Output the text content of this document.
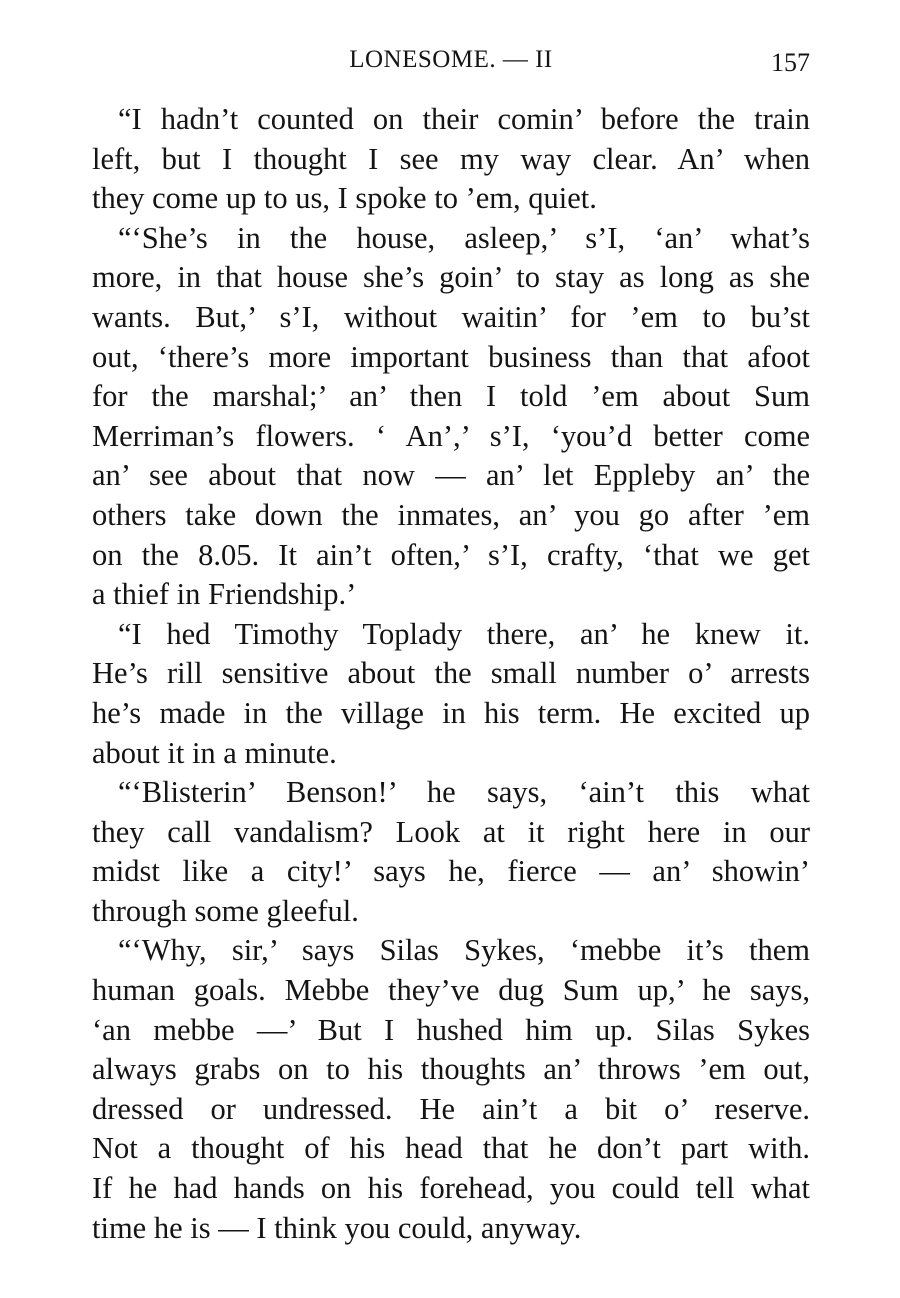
LONESOME. — II	157

“I hadn’t counted on their comin’ before the train
left, but I thought I see my way clear. An’ when
they come up to us, I spoke to ’em, quiet.

“‘She’s in the house, asleep,’ s’I, ‘an’ what’s
more, in that house she’s goin’ to stay as long as she
wants. But,’ s’I, without waitin’ for ’em to bu’st
out, ‘there’s more important business than that afoot
for the marshal;’ an’ then I told ’em about Sum
Merriman’s flowers. ‘ An’,’ s’I, ‘you’d better come
an’ see about that now — an’ let Eppleby an’ the
others take down the inmates, an’ you go after ’em
on the 8.05. It ain’t often,’ s’I, crafty, ‘that we get
a thief in Friendship.’

“I hed Timothy Toplady there, an’ he knew it.
He’s rill sensitive about the small number o’ arrests
he’s made in the village in his term. He excited up
about it in a minute.

“‘Blisterin’ Benson!’ he says, ‘ain’t this what
they call vandalism? Look at it right here in our
midst like a city!’ says he, fierce — an’ showin’
through some gleeful.

“‘Why, sir,’ says Silas Sykes, ‘mebbe it’s them
human goals. Mebbe they’ve dug Sum up,’ he says,
‘an mebbe —’ But I hushed him up. Silas Sykes
always grabs on to his thoughts an’ throws ’em out,
dressed or undressed. He ain’t a bit o’ reserve.
Not a thought of his head that he don’t part with.
If he had hands on his forehead, you could tell what
time he is — I think you could, anyway.
